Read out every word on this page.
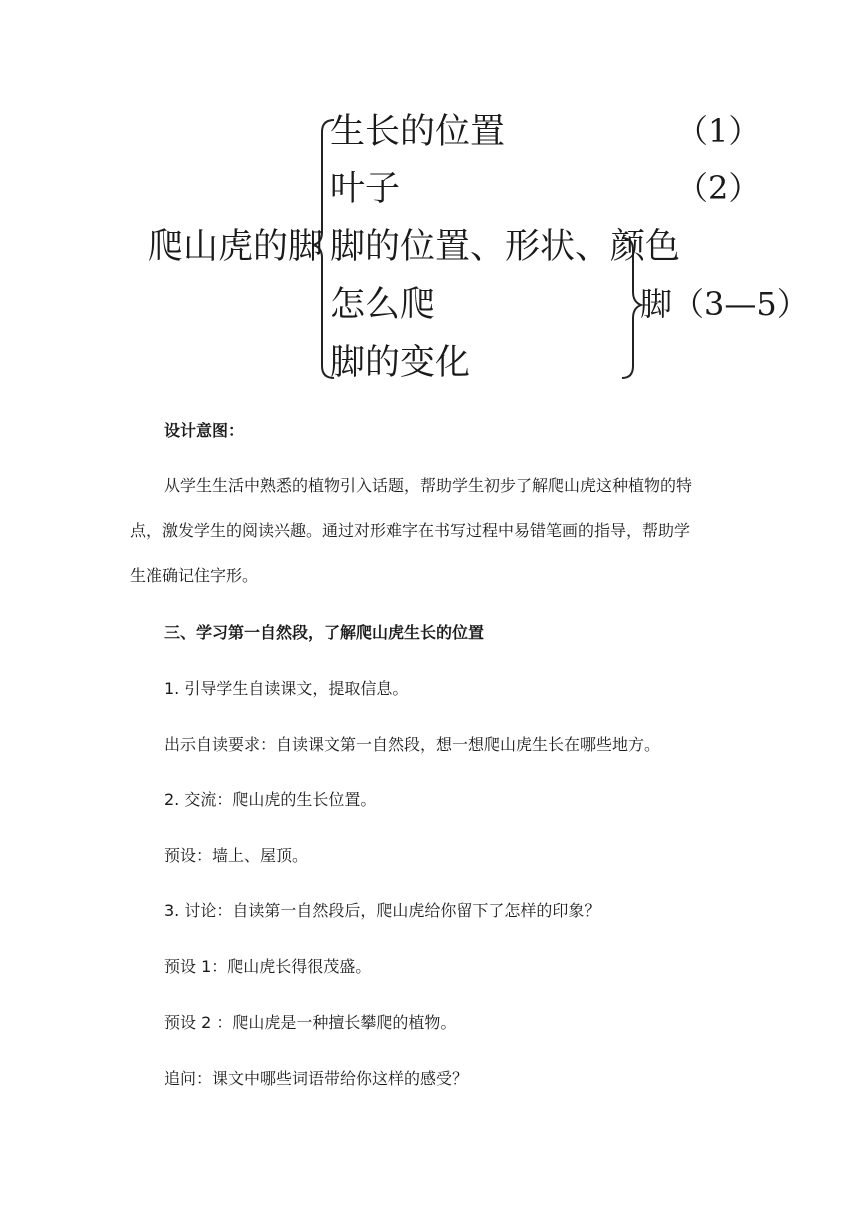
爬山虎的脚
生长的位置
叶子
脚的位置、形状、颜色
怎么爬
脚的变化
（1）
（2）
脚（3—5）
设计意图：
从学生生活中熟悉的植物引入话题，帮助学生初步了解爬山虎这种植物的特
点，激发学生的阅读兴趣。通过对形难字在书写过程中易错笔画的指导，帮助学
生准确记住字形。
三、学习第一自然段，了解爬山虎生长的位置
1. 引导学生自读课文，提取信息。
出示自读要求：自读课文第一自然段，想一想爬山虎生长在哪些地方。
2. 交流：爬山虎的生长位置。
预设：墙上、屋顶。
3. 讨论：自读第一自然段后，爬山虎给你留下了怎样的印象？
预设 1：爬山虎长得很茂盛。
预设 2 ：爬山虎是一种擅长攀爬的植物。
追问：课文中哪些词语带给你这样的感受？
